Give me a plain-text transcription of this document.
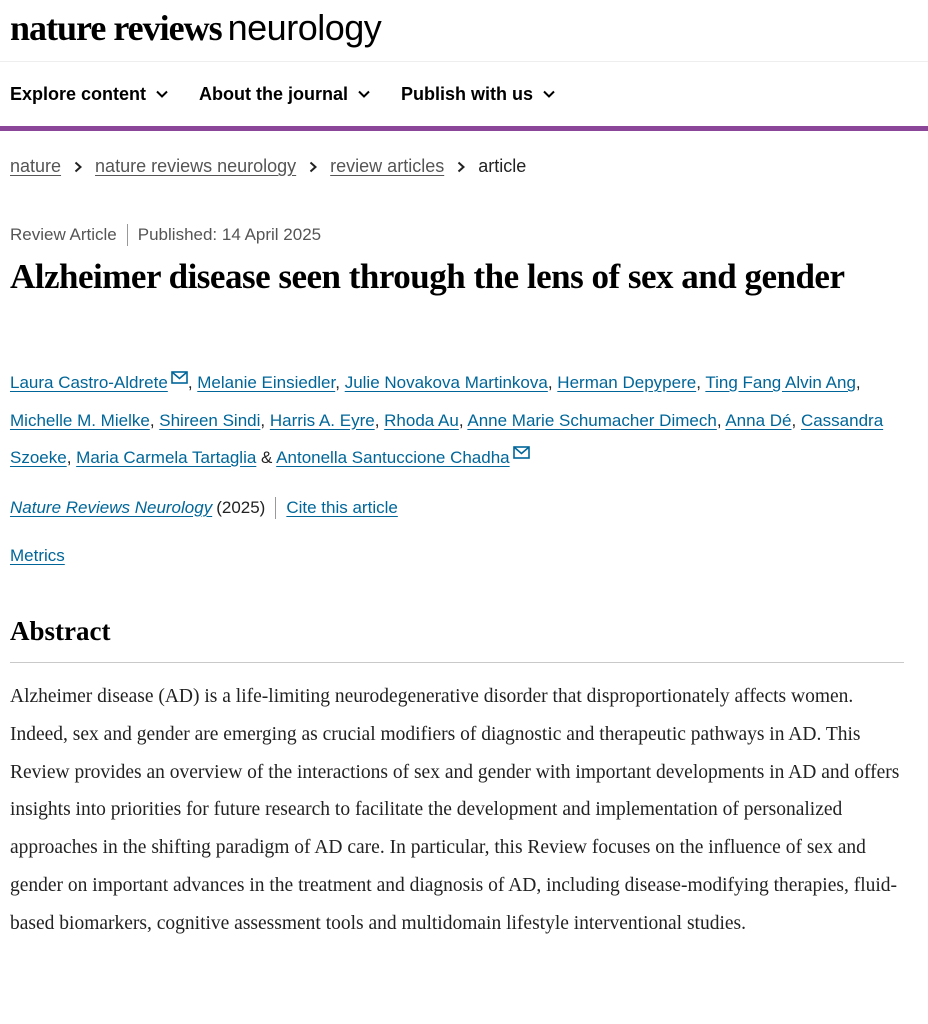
nature reviews neurology
Explore content	About the journal	Publish with us
nature nature reviews neurology review articles article
Review Article Published: 14 April 2025
Alzheimer disease seen through the lens of sex and gender
Laura Castro-Aldrete , Melanie Einsiedler, Julie Novakova Martinkova, Herman Depypere, Ting Fang Alvin Ang, Michelle M. Mielke, Shireen Sindi, Harris A. Eyre, Rhoda Au, Anne Marie Schumacher Dimech, Anna Dé, Cassandra Szoeke, Maria Carmela Tartaglia & Antonella Santuccione Chadha
Nature Reviews Neurology (2025) Cite this article
Metrics
Abstract

Alzheimer disease (AD) is a life-limiting neurodegenerative disorder that disproportionately affects women. Indeed, sex and gender are emerging as crucial modifiers of diagnostic and therapeutic pathways in AD. This Review provides an overview of the interactions of sex and gender with important developments in AD and offers insights into priorities for future research to facilitate the development and implementation of personalized approaches in the shifting paradigm of AD care. In particular, this Review focuses on the influence of sex and gender on important advances in the treatment and diagnosis of AD, including disease-modifying therapies, fluid-based biomarkers, cognitive assessment tools and multidomain lifestyle interventional studies.
